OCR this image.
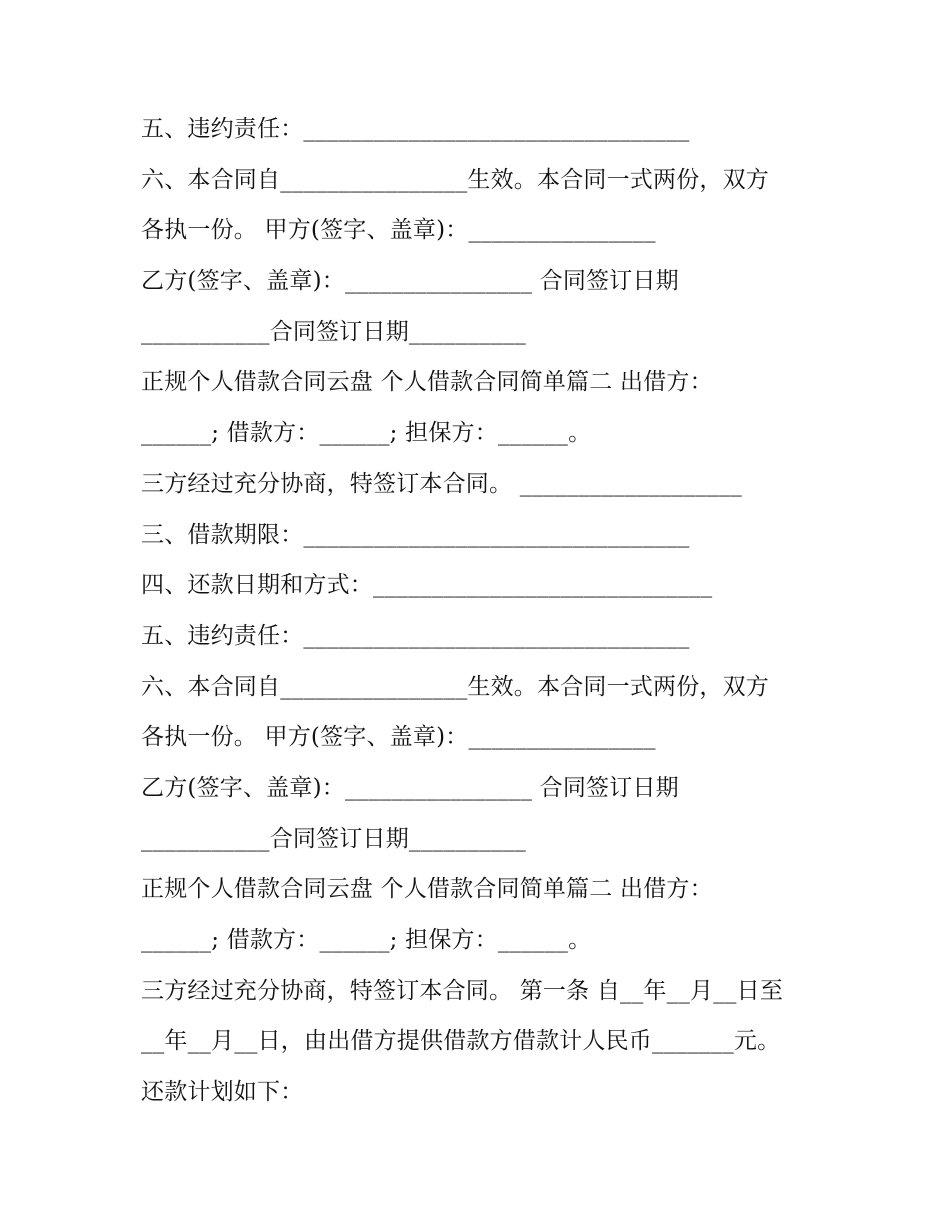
五、违约责任：_________________________________
六、本合同自________________生效。本合同一式两份，双方
各执一份。 甲方(签字、盖章)：________________
乙方(签字、盖章)：________________ 合同签订日期
___________合同签订日期__________
正规个人借款合同云盘 个人借款合同简单篇二 出借方：
______; 借款方：______; 担保方：______。
三方经过充分协商，特签订本合同。 ___________________
三、借款期限：_________________________________
四、还款日期和方式：_____________________________
五、违约责任：_________________________________
六、本合同自________________生效。本合同一式两份，双方
各执一份。 甲方(签字、盖章)：________________
乙方(签字、盖章)：________________ 合同签订日期
___________合同签订日期__________
正规个人借款合同云盘 个人借款合同简单篇二 出借方：
______; 借款方：______; 担保方：______。
三方经过充分协商，特签订本合同。 第一条 自__年__月__日至
__年__月__日，由出借方提供借款方借款计人民币_______元。
还款计划如下：
